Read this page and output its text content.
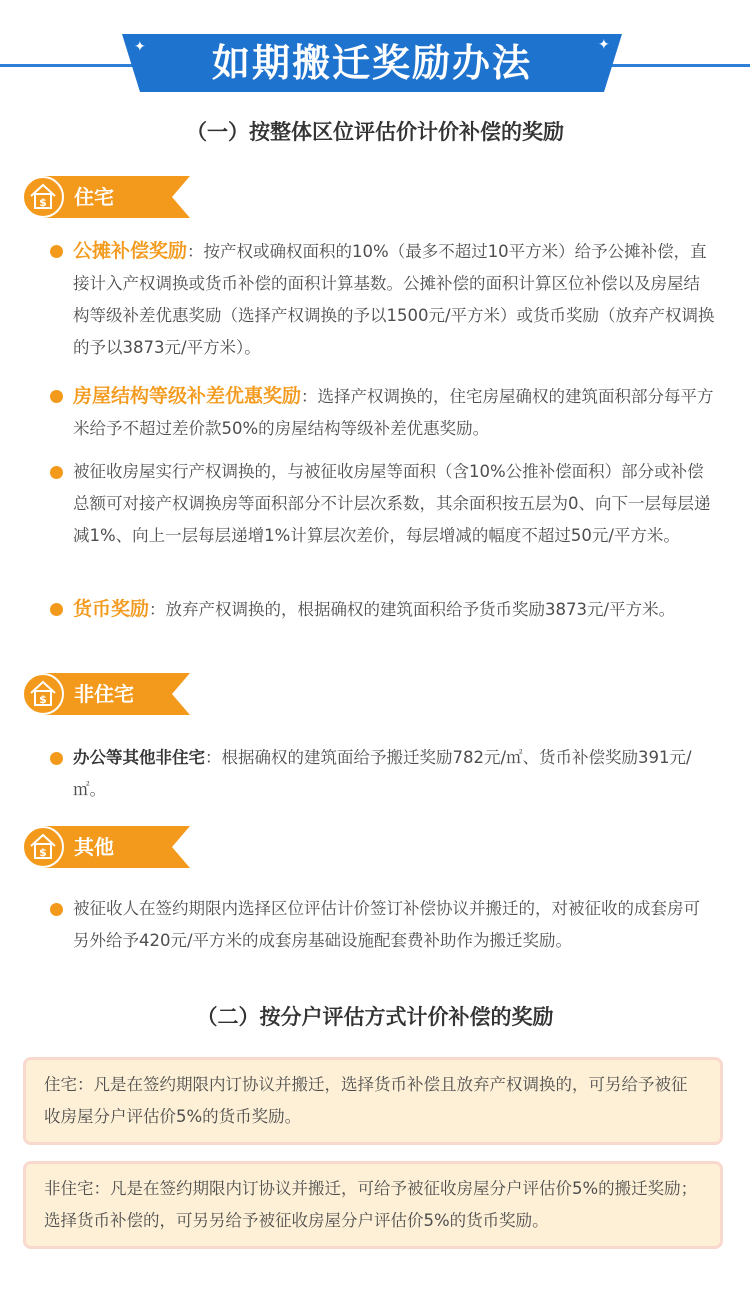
✦	✦
如期搬迁奖励办法
（一）按整体区位评估价计价补偿的奖励
$ 住宅
公摊补偿奖励：按产权或确权面积的10%（最多不超过10平方米）给予公摊补偿，直接计入产权调换或货币补偿的面积计算基数。公摊补偿的面积计算区位补偿以及房屋结构等级补差优惠奖励（选择产权调换的予以1500元/平方米）或货币奖励（放弃产权调换的予以3873元/平方米）。
房屋结构等级补差优惠奖励：选择产权调换的，住宅房屋确权的建筑面积部分每平方米给予不超过差价款50%的房屋结构等级补差优惠奖励。
被征收房屋实行产权调换的，与被征收房屋等面积（含10%公推补偿面积）部分或补偿总额可对接产权调换房等面积部分不计层次系数，其余面积按五层为0、向下一层每层递减1%、向上一层每层递增1%计算层次差价，每层增减的幅度不超过50元/平方米。
货币奖励：放弃产权调换的，根据确权的建筑面积给予货币奖励3873元/平方米。
$ 非住宅
办公等其他非住宅：根据确权的建筑面给予搬迁奖励782元/㎡、货币补偿奖励391元/㎡。
$ 其他
被征收人在签约期限内选择区位评估计价签订补偿协议并搬迁的，对被征收的成套房可另外给予420元/平方米的成套房基础设施配套费补助作为搬迁奖励。
（二）按分户评估方式计价补偿的奖励
住宅：凡是在签约期限内订协议并搬迁，选择货币补偿且放弃产权调换的，可另给予被征收房屋分户评估价5%的货币奖励。
非住宅：凡是在签约期限内订协议并搬迁，可给予被征收房屋分户评估价5%的搬迁奖励；选择货币补偿的，可另另给予被征收房屋分户评估价5%的货币奖励。
